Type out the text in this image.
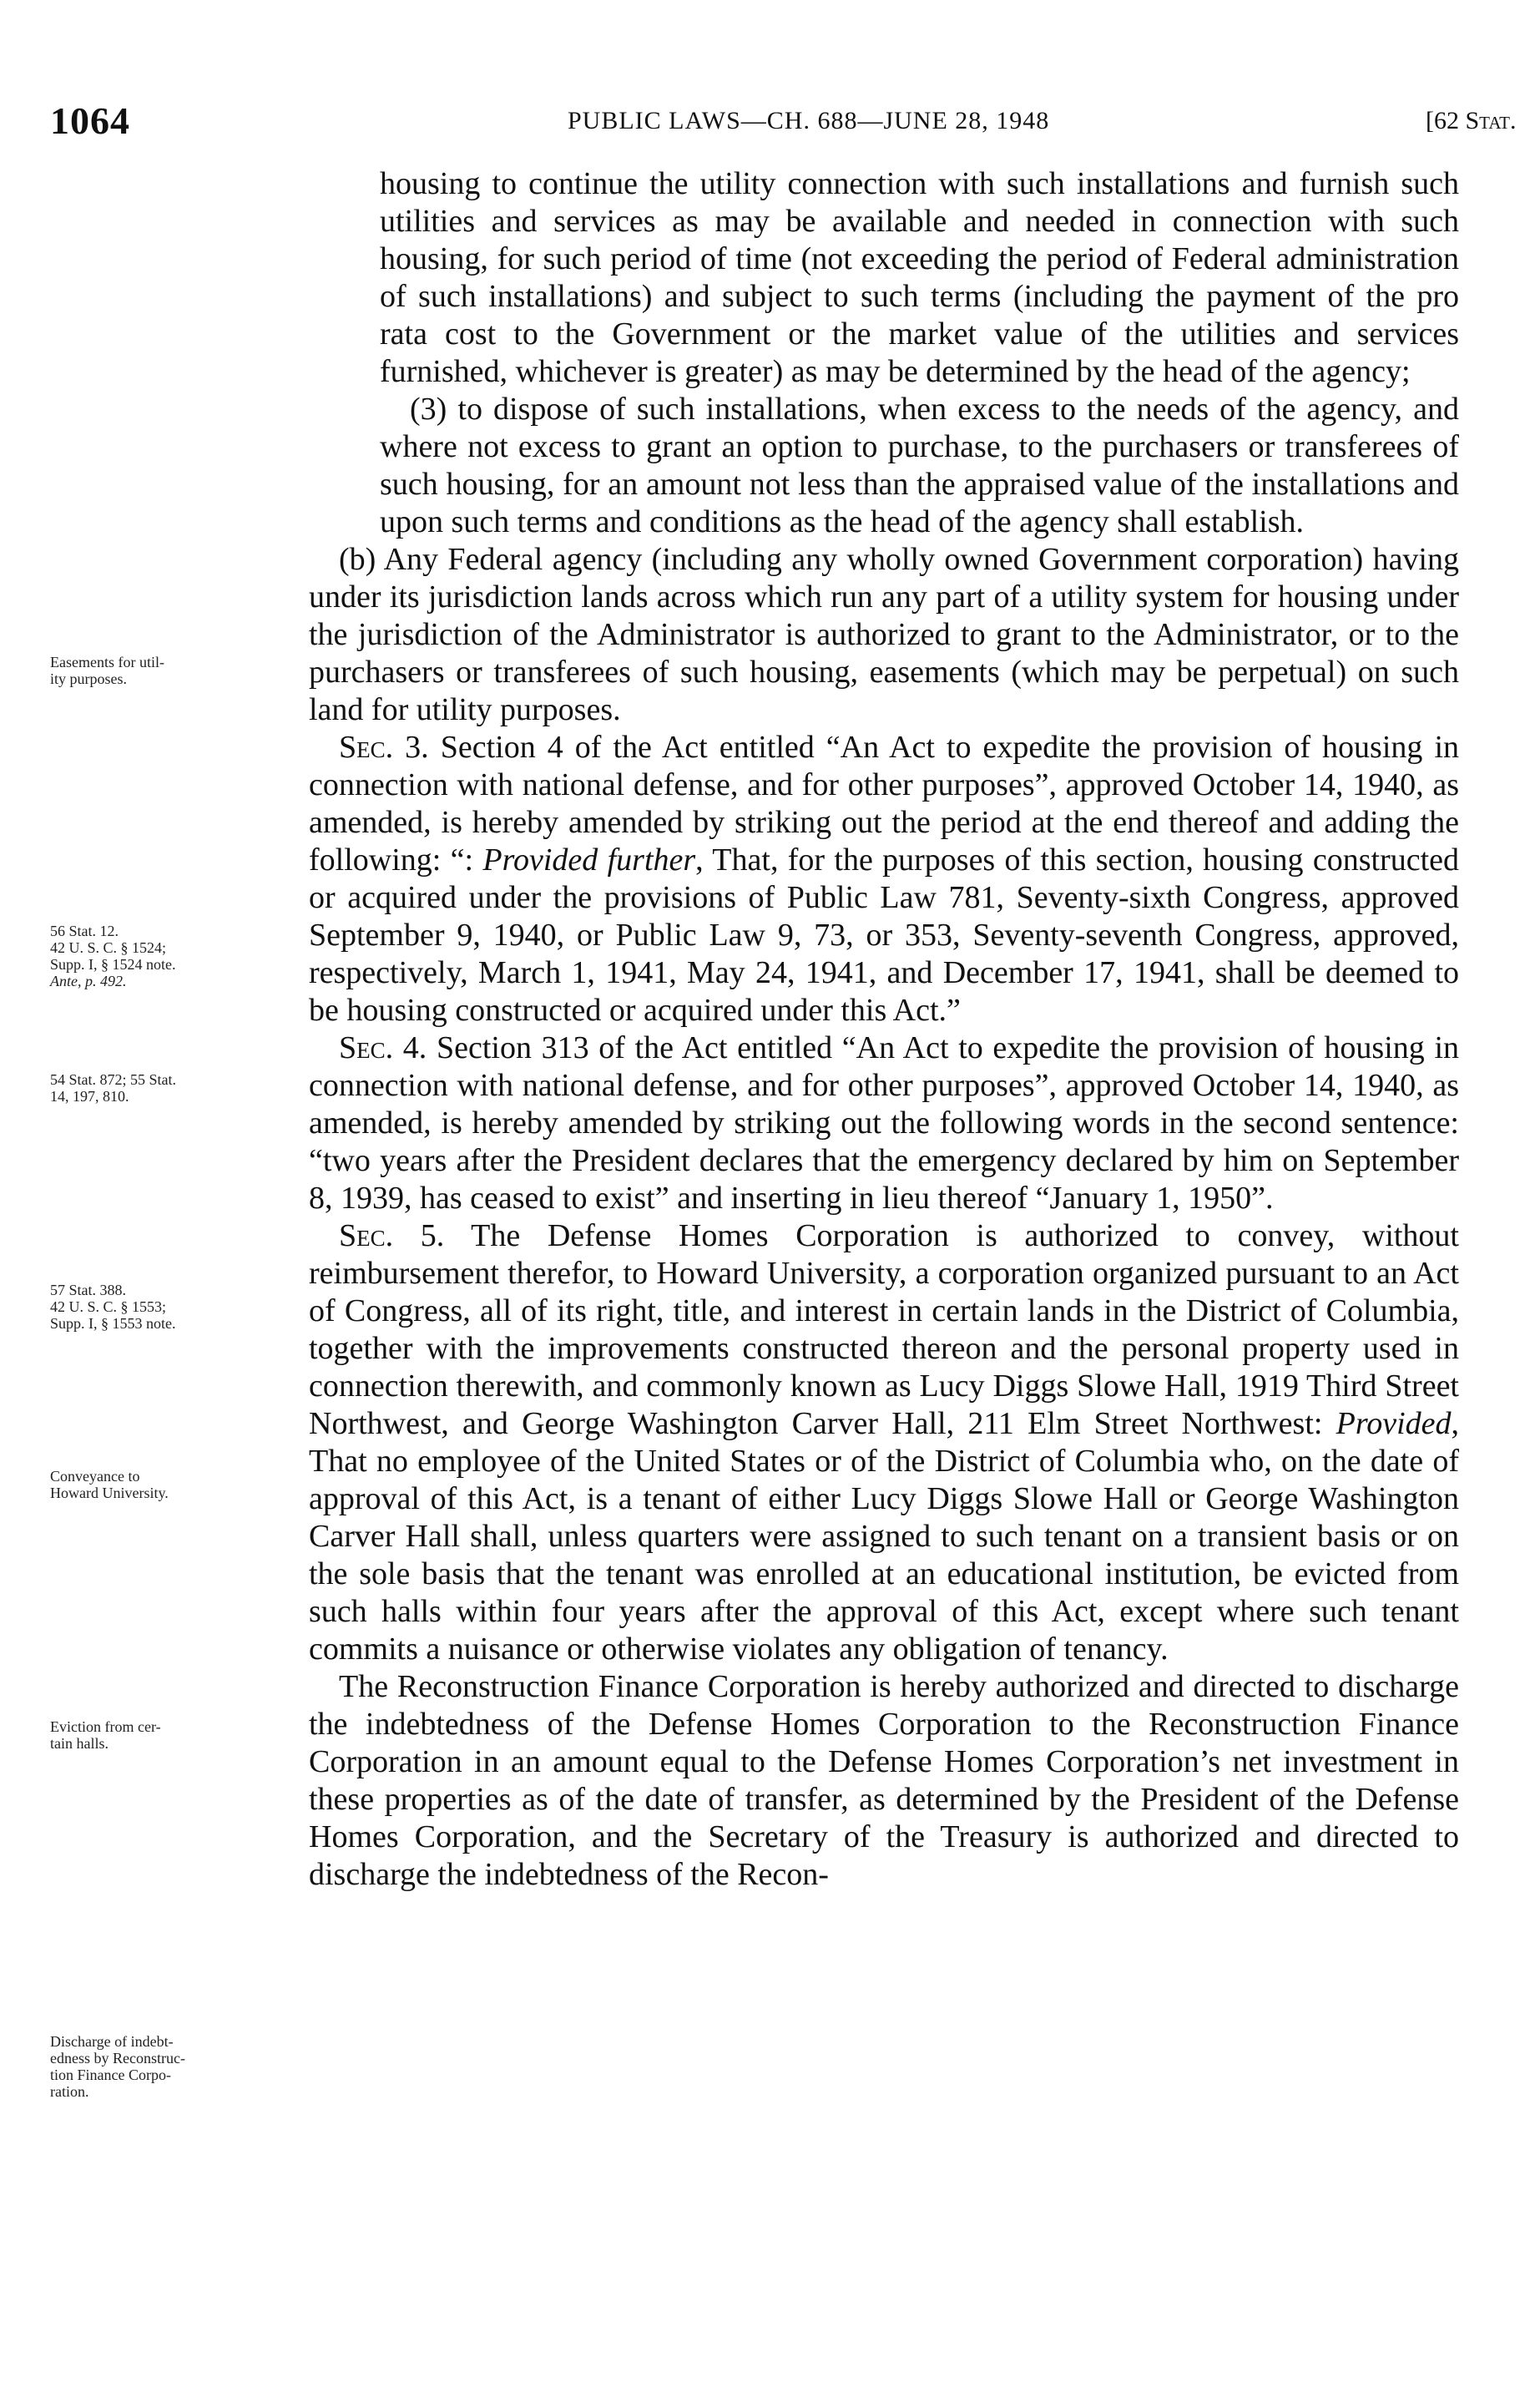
1064	PUBLIC LAWS—CH. 688—JUNE 28, 1948	[62 Stat.
Easements for util-
ity purposes.
56 Stat. 12.
42 U. S. C. § 1524;
Supp. I, § 1524 note.
Ante, p. 492.
54 Stat. 872; 55 Stat.
14, 197, 810.
57 Stat. 388.
42 U. S. C. § 1553;
Supp. I, § 1553 note.
Conveyance to
Howard University.
Eviction from cer-
tain halls.
Discharge of indebt-
edness by Reconstruc-
tion Finance Corpo-
ration.

housing to continue the utility connection with such installations and furnish such utilities and services as may be available and needed in connection with such housing, for such period of time (not exceeding the period of Federal administration of such installations) and subject to such terms (including the payment of the pro rata cost to the Government or the market value of the utilities and services furnished, whichever is greater) as may be determined by the head of the agency;

(3) to dispose of such installations, when excess to the needs of the agency, and where not excess to grant an option to purchase, to the purchasers or transferees of such housing, for an amount not less than the appraised value of the installations and upon such terms and conditions as the head of the agency shall establish.

(b) Any Federal agency (including any wholly owned Government corporation) having under its jurisdiction lands across which run any part of a utility system for housing under the jurisdiction of the Administrator is authorized to grant to the Administrator, or to the purchasers or transferees of such housing, easements (which may be perpetual) on such land for utility purposes.

Sec. 3. Section 4 of the Act entitled “An Act to expedite the provision of housing in connection with national defense, and for other purposes”, approved October 14, 1940, as amended, is hereby amended by striking out the period at the end thereof and adding the following: “: Provided further, That, for the purposes of this section, housing constructed or acquired under the provisions of Public Law 781, Seventy-sixth Congress, approved September 9, 1940, or Public Law 9, 73, or 353, Seventy-seventh Congress, approved, respectively, March 1, 1941, May 24, 1941, and December 17, 1941, shall be deemed to be housing constructed or acquired under this Act.”

Sec. 4. Section 313 of the Act entitled “An Act to expedite the provision of housing in connection with national defense, and for other purposes”, approved October 14, 1940, as amended, is hereby amended by striking out the following words in the second sentence: “two years after the President declares that the emergency declared by him on September 8, 1939, has ceased to exist” and inserting in lieu thereof “January 1, 1950”.

Sec. 5. The Defense Homes Corporation is authorized to convey, without reimbursement therefor, to Howard University, a corporation organized pursuant to an Act of Congress, all of its right, title, and interest in certain lands in the District of Columbia, together with the improvements constructed thereon and the personal property used in connection therewith, and commonly known as Lucy Diggs Slowe Hall, 1919 Third Street Northwest, and George Washington Carver Hall, 211 Elm Street Northwest: Provided, That no employee of the United States or of the District of Columbia who, on the date of approval of this Act, is a tenant of either Lucy Diggs Slowe Hall or George Washington Carver Hall shall, unless quarters were assigned to such tenant on a transient basis or on the sole basis that the tenant was enrolled at an educational institution, be evicted from such halls within four years after the approval of this Act, except where such tenant commits a nuisance or otherwise violates any obligation of tenancy.

The Reconstruction Finance Corporation is hereby authorized and directed to discharge the indebtedness of the Defense Homes Corporation to the Reconstruction Finance Corporation in an amount equal to the Defense Homes Corporation’s net investment in these properties as of the date of transfer, as determined by the President of the Defense Homes Corporation, and the Secretary of the Treasury is authorized and directed to discharge the indebtedness of the Recon-
